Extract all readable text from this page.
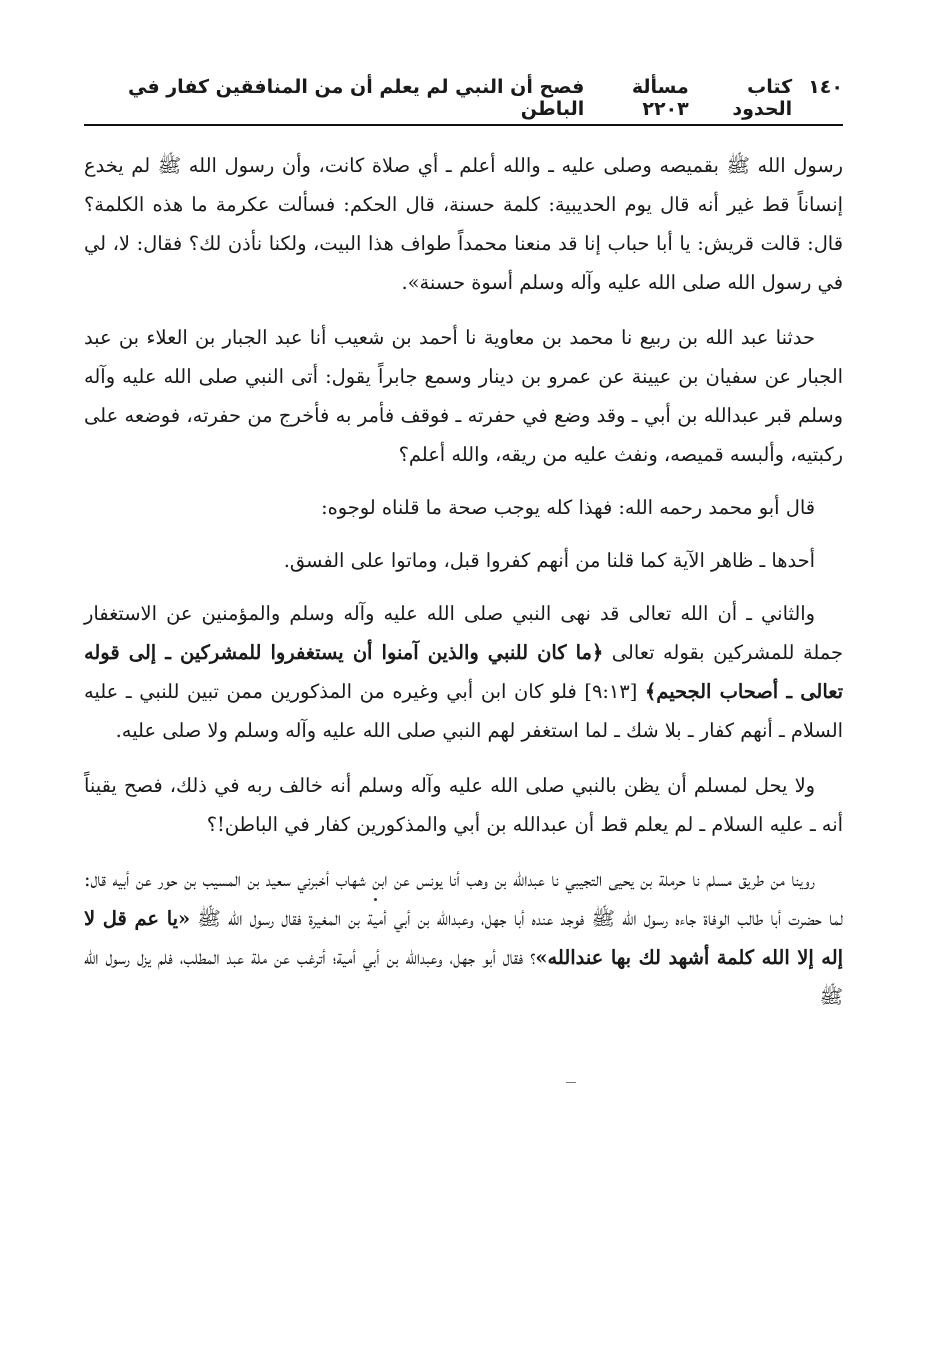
١٤٠
كتاب الحدود
مسألة ٢٢٠٣
فصح أن النبي لم يعلم أن من المنافقين كفار في الباطن

رسول الله ﷺ بقميصه وصلى عليه ـ والله أعلم ـ أي صلاة كانت، وأن رسول الله ﷺ لم يخدع إنساناً قط غير أنه قال يوم الحديبية: كلمة حسنة، قال الحكم: فسألت عكرمة ما هذه الكلمة؟ قال: قالت قريش: يا أبا حباب إنا قد منعنا محمداً طواف هذا البيت، ولكنا نأذن لك؟ فقال: لا، لي في رسول الله صلى الله عليه وآله وسلم أسوة حسنة».

حدثنا عبد الله بن ربيع نا محمد بن معاوية نا أحمد بن شعيب أنا عبد الجبار بن العلاء بن عبد الجبار عن سفيان بن عيينة عن عمرو بن دينار وسمع جابراً يقول: أتى النبي صلى الله عليه وآله وسلم قبر عبدالله بن أبي ـ وقد وضع في حفرته ـ فوقف فأمر به فأخرج من حفرته، فوضعه على ركبتيه، وألبسه قميصه، ونفث عليه من ريقه، والله أعلم؟

قال أبو محمد رحمه الله: فهذا كله يوجب صحة ما قلناه لوجوه:

أحدها ـ ظاهر الآية كما قلنا من أنهم كفروا قبل، وماتوا على الفسق.

والثاني ـ أن الله تعالى قد نهى النبي صلى الله عليه وآله وسلم والمؤمنين عن الاستغفار جملة للمشركين بقوله تعالى ﴿ما كان للنبي والذين آمنوا أن يستغفروا للمشركين ـ إلى قوله تعالى ـ أصحاب الجحيم﴾ [٩:١٣] فلو كان ابن أبي وغيره من المذكورين ممن تبين للنبي ـ عليه السلام ـ أنهم كفار ـ بلا شك ـ لما استغفر لهم النبي صلى الله عليه وآله وسلم ولا صلى عليه.

ولا يحل لمسلم أن يظن بالنبي صلى الله عليه وآله وسلم أنه خالف ربه في ذلك، فصح يقيناً أنه ـ عليه السلام ـ لم يعلم قط أن عبدالله بن أبي والمذكورين كفار في الباطن!؟

روينا من طريق مسلم نا حرملة بن يحيى التجيبي نا عبدالله بن وهب أنا يونس عن ابن شهاب أخبرني سعيد بن المسيب بن حور عن أبيه قال: لما حضرت أبا طالب الوفاة جاءه رسول الله ﷺ فوجد عنده أبا جهل، وعبدالله بن أبي أمية بن المغيرة فقال رسول الله ﷺ «يا عم قل لا إله إلا الله كلمة أشهد لك بها عندالله»؟ فقال أبو جهل، وعبدالله بن أبي أمية؛ أترغب عن ملة عبد المطلب، فلم يزل رسول الله ﷺ
